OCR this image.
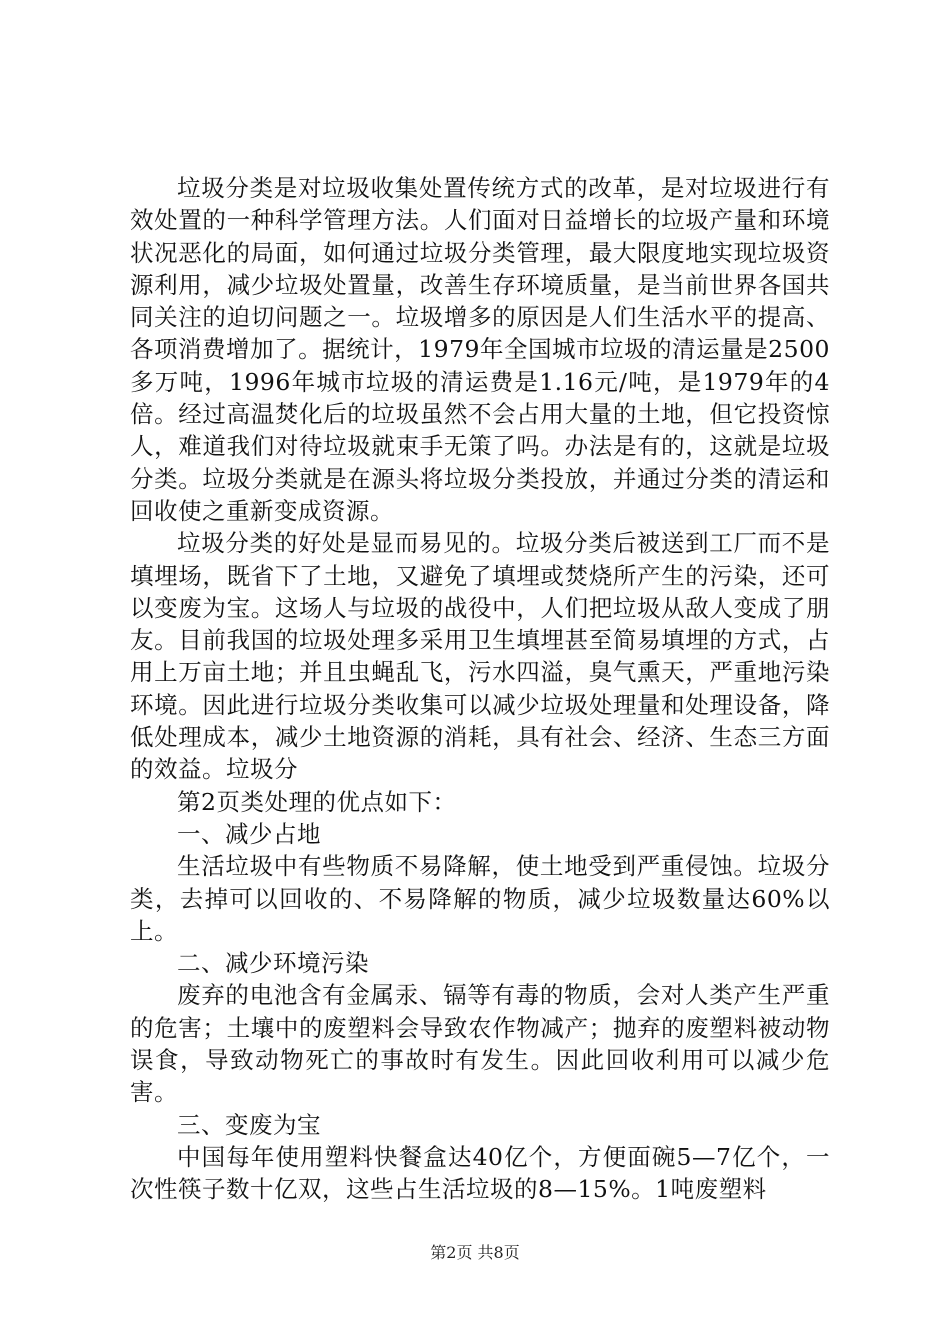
垃圾分类是对垃圾收集处置传统方式的改革，是对垃圾进行有效处置的一种科学管理方法。人们面对日益增长的垃圾产量和环境状况恶化的局面，如何通过垃圾分类管理，最大限度地实现垃圾资源利用，减少垃圾处置量，改善生存环境质量，是当前世界各国共同关注的迫切问题之一。垃圾增多的原因是人们生活水平的提高、各项消费增加了。据统计，1979年全国城市垃圾的清运量是2500多万吨，1996年城市垃圾的清运费是1.16元/吨，是1979年的4倍。经过高温焚化后的垃圾虽然不会占用大量的土地，但它投资惊人，难道我们对待垃圾就束手无策了吗。办法是有的，这就是垃圾分类。垃圾分类就是在源头将垃圾分类投放，并通过分类的清运和回收使之重新变成资源。

垃圾分类的好处是显而易见的。垃圾分类后被送到工厂而不是填埋场，既省下了土地，又避免了填埋或焚烧所产生的污染，还可以变废为宝。这场人与垃圾的战役中，人们把垃圾从敌人变成了朋友。目前我国的垃圾处理多采用卫生填埋甚至简易填埋的方式，占用上万亩土地；并且虫蝇乱飞，污水四溢，臭气熏天，严重地污染环境。因此进行垃圾分类收集可以减少垃圾处理量和处理设备，降低处理成本，减少土地资源的消耗，具有社会、经济、生态三方面的效益。垃圾分

第2页类处理的优点如下：

一、减少占地

生活垃圾中有些物质不易降解，使土地受到严重侵蚀。垃圾分类，去掉可以回收的、不易降解的物质，减少垃圾数量达60%以上。

二、减少环境污染

废弃的电池含有金属汞、镉等有毒的物质，会对人类产生严重的危害；土壤中的废塑料会导致农作物减产；抛弃的废塑料被动物误食，导致动物死亡的事故时有发生。因此回收利用可以减少危害。

三、变废为宝

中国每年使用塑料快餐盒达40亿个，方便面碗5—7亿个，一次性筷子数十亿双，这些占生活垃圾的8—15%。1吨废塑料

第2页 共8页
